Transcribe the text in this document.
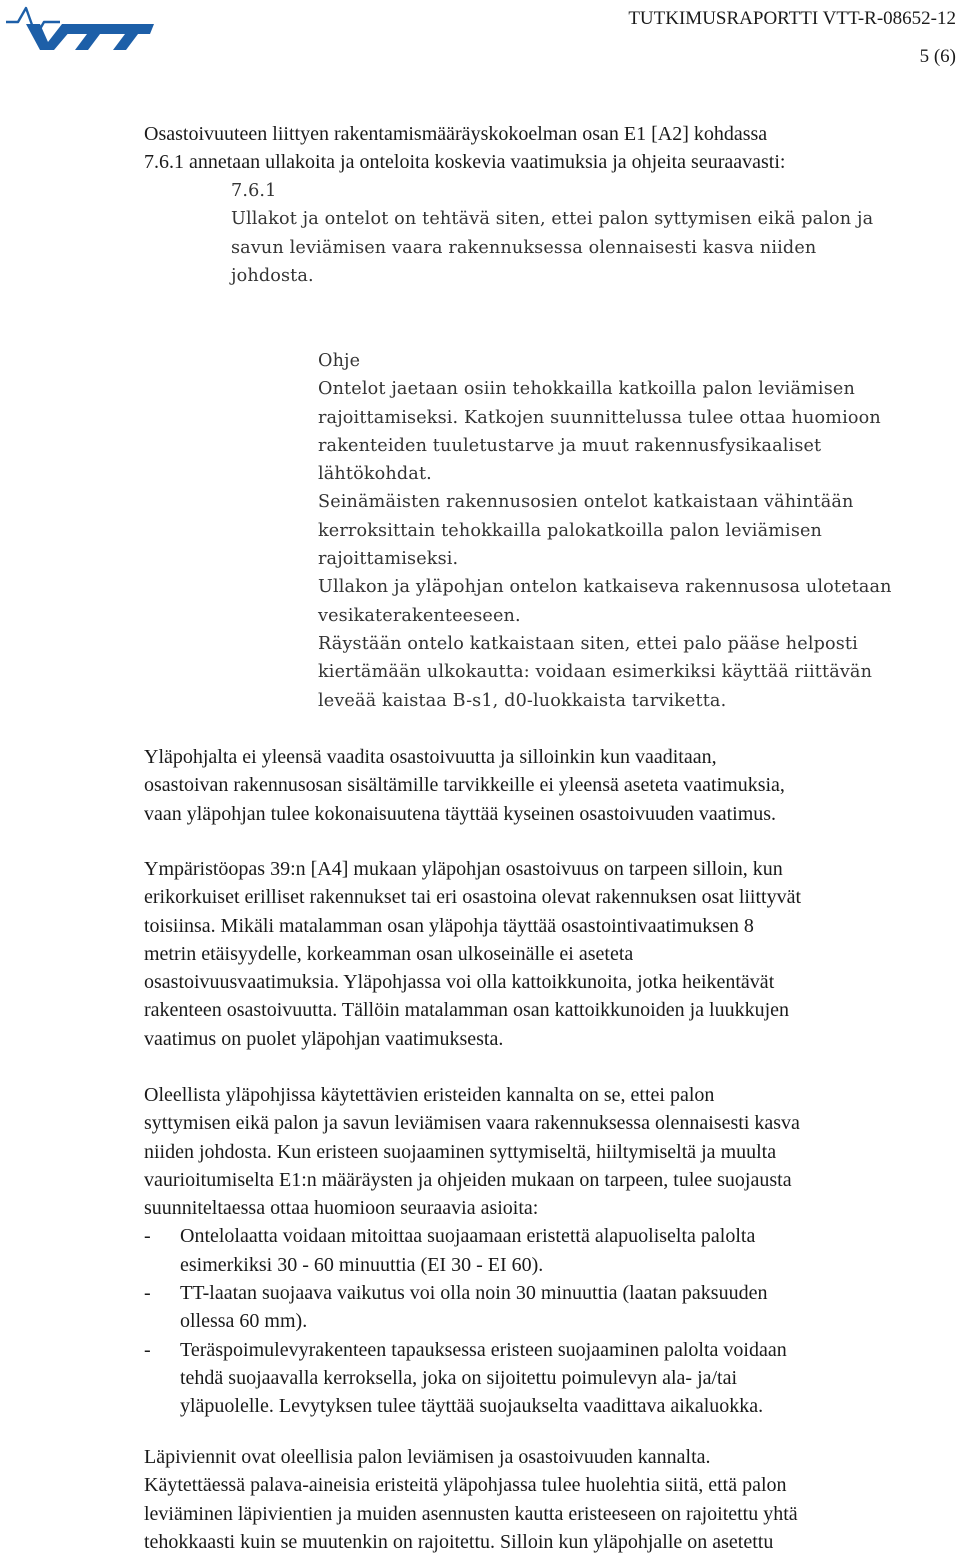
TUTKIMUSRAPORTTI VTT-R-08652-12
5 (6)
Osastoivuuteen liittyen rakentamismääräyskokoelman osan E1 [A2] kohdassa
7.6.1 annetaan ullakoita ja onteloita koskevia vaatimuksia ja ohjeita seuraavasti:
7.6.1
Ullakot ja ontelot on tehtävä siten, ettei palon syttymisen eikä palon ja
savun leviämisen vaara rakennuksessa olennaisesti kasva niiden
johdosta.
Ohje
Ontelot jaetaan osiin tehokkailla katkoilla palon leviämisen
rajoittamiseksi. Katkojen suunnittelussa tulee ottaa huomioon
rakenteiden tuuletustarve ja muut rakennusfysikaaliset
lähtökohdat.
Seinämäisten rakennusosien ontelot katkaistaan vähintään
kerroksittain tehokkailla palokatkoilla palon leviämisen
rajoittamiseksi.
Ullakon ja yläpohjan ontelon katkaiseva rakennusosa ulotetaan
vesikaterakenteeseen.
Räystään ontelo katkaistaan siten, ettei palo pääse helposti
kiertämään ulkokautta: voidaan esimerkiksi käyttää riittävän
leveää kaistaa B-s1, d0-luokkaista tarviketta.
Yläpohjalta ei yleensä vaadita osastoivuutta ja silloinkin kun vaaditaan,
osastoivan rakennusosan sisältämille tarvikkeille ei yleensä aseteta vaatimuksia,
vaan yläpohjan tulee kokonaisuutena täyttää kyseinen osastoivuuden vaatimus.
Ympäristöopas 39:n [A4] mukaan yläpohjan osastoivuus on tarpeen silloin, kun
erikorkuiset erilliset rakennukset tai eri osastoina olevat rakennuksen osat liittyvät
toisiinsa. Mikäli matalamman osan yläpohja täyttää osastointivaatimuksen 8
metrin etäisyydelle, korkeamman osan ulkoseinälle ei aseteta
osastoivuusvaatimuksia. Yläpohjassa voi olla kattoikkunoita, jotka heikentävät
rakenteen osastoivuutta. Tällöin matalamman osan kattoikkunoiden ja luukkujen
vaatimus on puolet yläpohjan vaatimuksesta.
Oleellista yläpohjissa käytettävien eristeiden kannalta on se, ettei palon
syttymisen eikä palon ja savun leviämisen vaara rakennuksessa olennaisesti kasva
niiden johdosta. Kun eristeen suojaaminen syttymiseltä, hiiltymiseltä ja muulta
vaurioitumiselta E1:n määräysten ja ohjeiden mukaan on tarpeen, tulee suojausta
suunniteltaessa ottaa huomioon seuraavia asioita:
- Ontelolaatta voidaan mitoittaa suojaamaan eristettä alapuoliselta palolta
esimerkiksi 30 - 60 minuuttia (EI 30 - EI 60).
- TT-laatan suojaava vaikutus voi olla noin 30 minuuttia (laatan paksuuden
ollessa 60 mm).
- Teräspoimulevyrakenteen tapauksessa eristeen suojaaminen palolta voidaan
tehdä suojaavalla kerroksella, joka on sijoitettu poimulevyn ala- ja/tai
yläpuolelle. Levytyksen tulee täyttää suojaukselta vaadittava aikaluokka.
Läpiviennit ovat oleellisia palon leviämisen ja osastoivuuden kannalta.
Käytettäessä palava-aineisia eristeitä yläpohjassa tulee huolehtia siitä, että palon
leviäminen läpivientien ja muiden asennusten kautta eristeeseen on rajoitettu yhtä
tehokkaasti kuin se muutenkin on rajoitettu. Silloin kun yläpohjalle on asetettu
